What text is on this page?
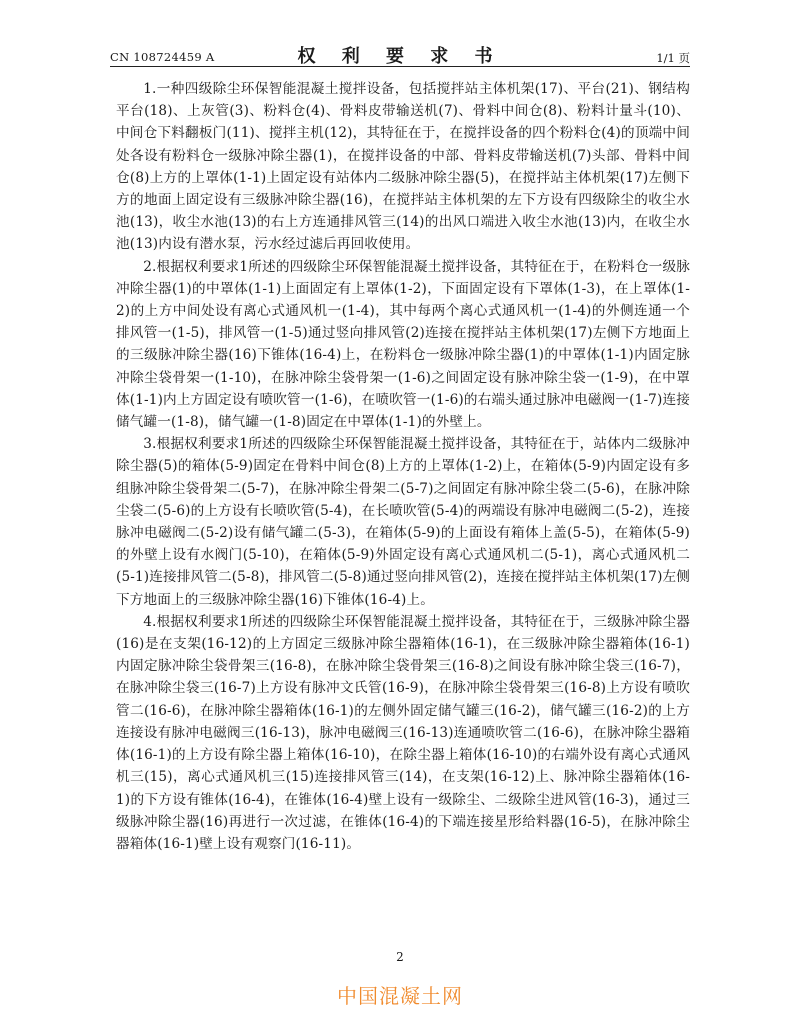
CN 108724459 A	权 利 要 求 书	1/1 页

1.一种四级除尘环保智能混凝土搅拌设备，包括搅拌站主体机架(17)、平台(21)、钢结构平台(18)、上灰管(3)、粉料仓(4)、骨料皮带输送机(7)、骨料中间仓(8)、粉料计量斗(10)、中间仓下料翻板门(11)、搅拌主机(12)，其特征在于，在搅拌设备的四个粉料仓(4)的顶端中间处各设有粉料仓一级脉冲除尘器(1)，在搅拌设备的中部、骨料皮带输送机(7)头部、骨料中间仓(8)上方的上罩体(1-1)上固定设有站体内二级脉冲除尘器(5)，在搅拌站主体机架(17)左侧下方的地面上固定设有三级脉冲除尘器(16)，在搅拌站主体机架的左下方设有四级除尘的收尘水池(13)，收尘水池(13)的右上方连通排风管三(14)的出风口端进入收尘水池(13)内，在收尘水池(13)内设有潜水泵，污水经过滤后再回收使用。

2.根据权利要求1所述的四级除尘环保智能混凝土搅拌设备，其特征在于，在粉料仓一级脉冲除尘器(1)的中罩体(1-1)上面固定有上罩体(1-2)，下面固定设有下罩体(1-3)，在上罩体(1-2)的上方中间处设有离心式通风机一(1-4)，其中每两个离心式通风机一(1-4)的外侧连通一个排风管一(1-5)，排风管一(1-5)通过竖向排风管(2)连接在搅拌站主体机架(17)左侧下方地面上的三级脉冲除尘器(16)下锥体(16-4)上，在粉料仓一级脉冲除尘器(1)的中罩体(1-1)内固定脉冲除尘袋骨架一(1-10)，在脉冲除尘袋骨架一(1-6)之间固定设有脉冲除尘袋一(1-9)，在中罩体(1-1)内上方固定设有喷吹管一(1-6)，在喷吹管一(1-6)的右端头通过脉冲电磁阀一(1-7)连接储气罐一(1-8)，储气罐一(1-8)固定在中罩体(1-1)的外壁上。

3.根据权利要求1所述的四级除尘环保智能混凝土搅拌设备，其特征在于，站体内二级脉冲除尘器(5)的箱体(5-9)固定在骨料中间仓(8)上方的上罩体(1-2)上，在箱体(5-9)内固定设有多组脉冲除尘袋骨架二(5-7)，在脉冲除尘骨架二(5-7)之间固定有脉冲除尘袋二(5-6)，在脉冲除尘袋二(5-6)的上方设有长喷吹管(5-4)，在长喷吹管(5-4)的两端设有脉冲电磁阀二(5-2)，连接脉冲电磁阀二(5-2)设有储气罐二(5-3)，在箱体(5-9)的上面设有箱体上盖(5-5)，在箱体(5-9)的外壁上设有水阀门(5-10)，在箱体(5-9)外固定设有离心式通风机二(5-1)，离心式通风机二(5-1)连接排风管二(5-8)，排风管二(5-8)通过竖向排风管(2)，连接在搅拌站主体机架(17)左侧下方地面上的三级脉冲除尘器(16)下锥体(16-4)上。

4.根据权利要求1所述的四级除尘环保智能混凝土搅拌设备，其特征在于，三级脉冲除尘器(16)是在支架(16-12)的上方固定三级脉冲除尘器箱体(16-1)，在三级脉冲除尘器箱体(16-1)内固定脉冲除尘袋骨架三(16-8)，在脉冲除尘袋骨架三(16-8)之间设有脉冲除尘袋三(16-7)，在脉冲除尘袋三(16-7)上方设有脉冲文氏管(16-9)，在脉冲除尘袋骨架三(16-8)上方设有喷吹管二(16-6)，在脉冲除尘器箱体(16-1)的左侧外固定储气罐三(16-2)，储气罐三(16-2)的上方连接设有脉冲电磁阀三(16-13)，脉冲电磁阀三(16-13)连通喷吹管二(16-6)，在脉冲除尘器箱体(16-1)的上方设有除尘器上箱体(16-10)，在除尘器上箱体(16-10)的右端外设有离心式通风机三(15)，离心式通风机三(15)连接排风管三(14)，在支架(16-12)上、脉冲除尘器箱体(16-1)的下方设有锥体(16-4)，在锥体(16-4)壁上设有一级除尘、二级除尘进风管(16-3)，通过三级脉冲除尘器(16)再进行一次过滤，在锥体(16-4)的下端连接星形给料器(16-5)，在脉冲除尘器箱体(16-1)壁上设有观察门(16-11)。

2
中国混凝土网
